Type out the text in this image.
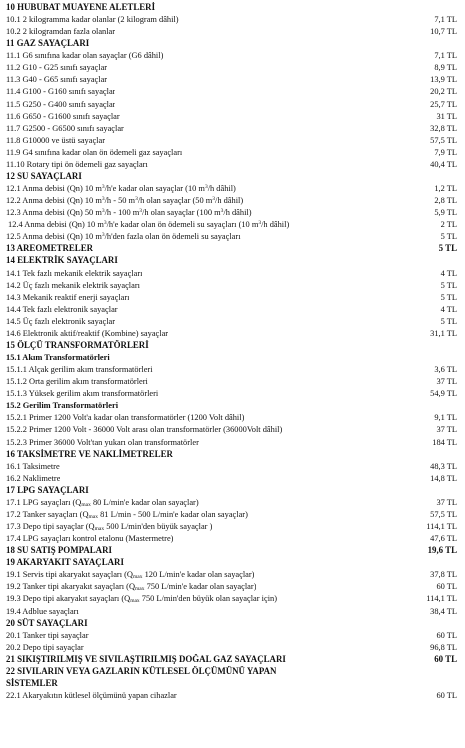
10 HUBUBAT MUAYENE ALETLERİ
10.1 2 kilogramma kadar olanlar (2 kilogram dâhil)	7,1 TL
10.2 2 kilogramdan fazla olanlar	10,7 TL
11 GAZ SAYAÇLARI
11.1 G6 sınıfına kadar olan sayaçlar (G6 dâhil)	7,1 TL
11.2 G10 - G25 sınıfı sayaçlar	8,9 TL
11.3 G40 - G65 sınıfı sayaçlar	13,9 TL
11.4 G100 - G160 sınıfı sayaçlar	20,2 TL
11.5 G250 - G400 sınıfı sayaçlar	25,7 TL
11.6 G650 - G1600 sınıfı sayaçlar	31 TL
11.7 G2500 - G6500 sınıfı sayaçlar	32,8 TL
11.8 G10000 ve üstü sayaçlar	57,5 TL
11.9 G4 sınıfına kadar olan ön ödemeli gaz sayaçları	7,9 TL
11.10 Rotary tipi ön ödemeli gaz sayaçları	40,4 TL
12 SU SAYAÇLARI
12.1 Anma debisi (Qn) 10 $m^3/h'e$ kadar olan sayaçlar (10 $m^3/h$ dâhil)	1,2 TL
12.2 Anma debisi (Qn) 10 $m^3/h - 50$ $m^3/h$ olan sayaçlar (50 $m^3/h$ dâhil)	2,8 TL
12.3 Anma debisi (Qn) 50 $m^3/h - 100$ $m^3/h$ olan sayaçlar (100 $m^3/h$ dâhil)	5,9 TL
12.4 Anma debisi (Qn) 10 $m^3/h'e$ kadar olan ön ödemeli su sayaçları (10 $m^3/h$ dâhil)	2 TL
12.5 Anma debisi (Qn) 10 $m^3/h'den$ fazla olan ön ödemeli su sayaçları	5 TL
13 AREOMETRELER	5 TL
14 ELEKTRİK SAYAÇLARI
14.1 Tek fazlı mekanik elektrik sayaçları	4 TL
14.2 Üç fazlı mekanik elektrik sayaçları	5 TL
14.3 Mekanik reaktif enerji sayaçları	5 TL
14.4 Tek fazlı elektronik sayaçlar	4 TL
14.5 Üç fazlı elektronik sayaçlar	5 TL
14.6 Elektronik aktif/reaktif (Kombine) sayaçlar	31,1 TL
15 ÖLÇÜ TRANSFORMATÖRLERİ
15.1 Akım Transformatörleri
15.1.1 Alçak gerilim akım transformatörleri	3,6 TL
15.1.2 Orta gerilim akım transformatörleri	37 TL
15.1.3 Yüksek gerilim akım transformatörleri	54,9 TL
15.2 Gerilim Transformatörleri
15.2.1 Primer 1200 Volt'a kadar olan transformatörler (1200 Volt dâhil)	9,1 TL
15.2.2 Primer 1200 Volt - 36000 Volt arası olan transformatörler (36000Volt dâhil)	37 TL
15.2.3 Primer 36000 Volt'tan yukarı olan transformatörler	184 TL
16 TAKSİMETRE VE NAKLİMETRELER
16.1 Taksimetre	48,3 TL
16.2 Naklimetre	14,8 TL
17 LPG SAYAÇLARI
17.1 LPG sayaçları ($Q_{max}$ 80 L/min'e kadar olan sayaçlar)	37 TL
17.2 Tanker sayaçları ($Q_{max}$ 81 L/min - 500 L/min'e kadar olan sayaçlar)	57,5 TL
17.3 Depo tipi sayaçlar ($Q_{max}$ 500 L/min'den büyük sayaçlar )	114,1 TL
17.4 LPG sayaçları kontrol etalonu (Mastermetre)	47,6 TL
18 SU SATIŞ POMPALARI	19,6 TL
19 AKARYAKIT SAYAÇLARI
19.1 Servis tipi akaryakıt sayaçları ($Q_{max}$ 120 L/min'e kadar olan sayaçlar)	37,8 TL
19.2 Tanker tipi akaryakıt sayaçları ($Q_{max}$ 750 L/min'e kadar olan sayaçlar)	60 TL
19.3 Depo tipi akaryakıt sayaçları ($Q_{max}$ 750 L/min'den büyük olan sayaçlar için)	114,1 TL
19.4 Adblue sayaçları	38,4 TL
20 SÜT SAYAÇLARI
20.1 Tanker tipi sayaçlar	60 TL
20.2 Depo tipi sayaçlar	96,8 TL
21 SIKIŞTIRILMIŞ VE SIVILAŞTIRILMIŞ DOĞAL GAZ SAYAÇLARI	60 TL
22 SIVILARIN VEYA GAZLARIN KÜTLESEL ÖLÇÜMÜNÜ YAPAN
SİSTEMLER
22.1 Akaryakıtın kütlesel ölçümünü yapan cihazlar	60 TL
